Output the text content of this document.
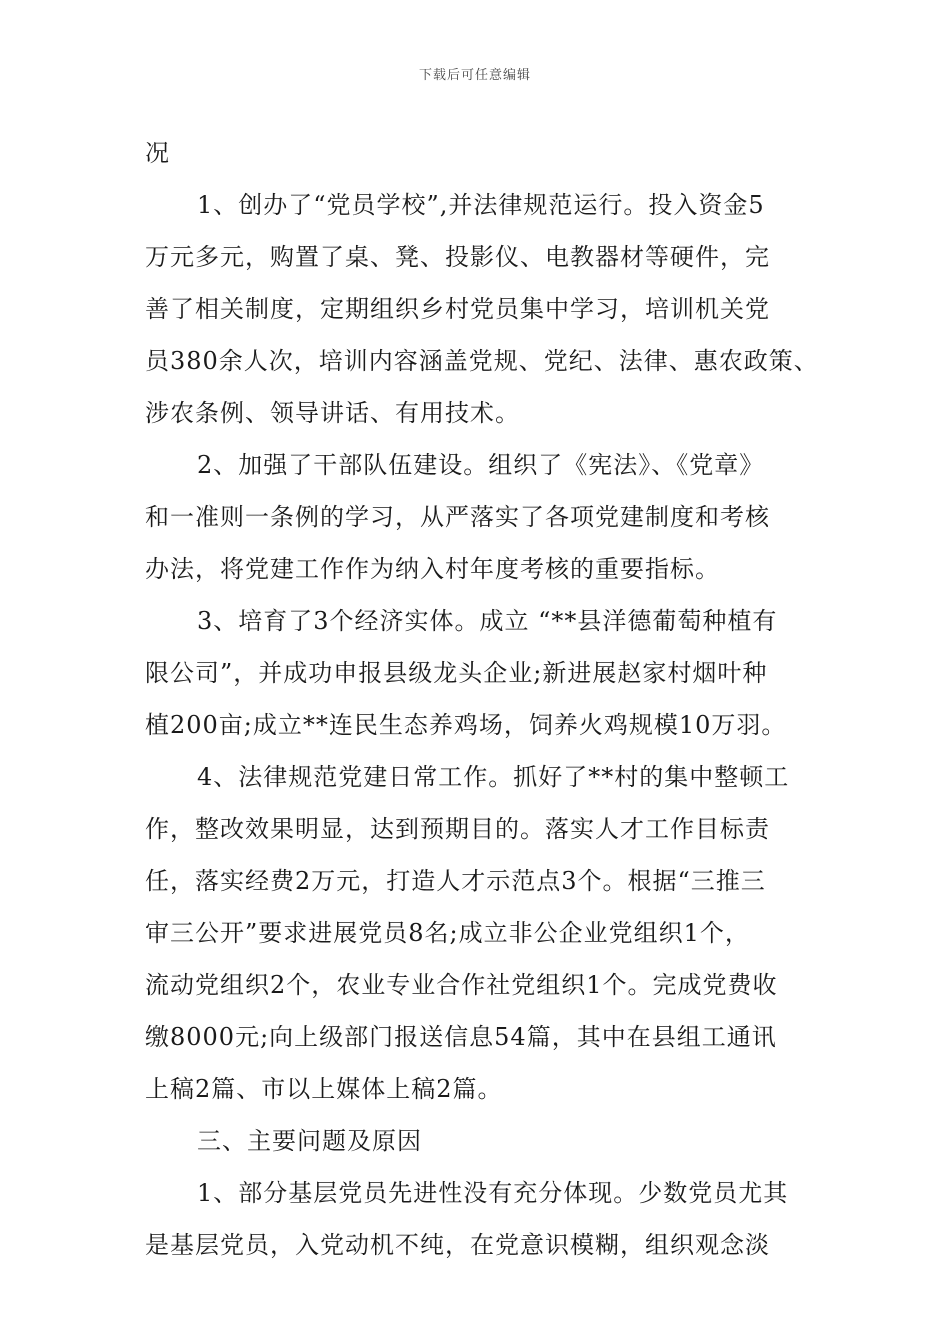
下载后可任意编辑
况
1、创办了“党员学校”,并法律规范运行。投入资金5
万元多元，购置了桌、凳、投影仪、电教器材等硬件，完
善了相关制度，定期组织乡村党员集中学习，培训机关党
员380余人次，培训内容涵盖党规、党纪、法律、惠农政策、
涉农条例、领导讲话、有用技术。
2、加强了干部队伍建设。组织了《宪法》、《党章》
和一准则一条例的学习，从严落实了各项党建制度和考核
办法，将党建工作作为纳入村年度考核的重要指标。
3、培育了3个经济实体。成立 “**县洋德葡萄种植有
限公司”，并成功申报县级龙头企业;新进展赵家村烟叶种
植200亩;成立**连民生态养鸡场，饲养火鸡规模10万羽。
4、法律规范党建日常工作。抓好了**村的集中整顿工
作，整改效果明显，达到预期目的。落实人才工作目标责
任，落实经费2万元，打造人才示范点3个。根据“三推三
审三公开”要求进展党员8名;成立非公企业党组织1个，
流动党组织2个，农业专业合作社党组织1个。完成党费收
缴8000元;向上级部门报送信息54篇，其中在县组工通讯
上稿2篇、市以上媒体上稿2篇。
三、主要问题及原因
1、部分基层党员先进性没有充分体现。少数党员尤其
是基层党员，入党动机不纯，在党意识模糊，组织观念淡
